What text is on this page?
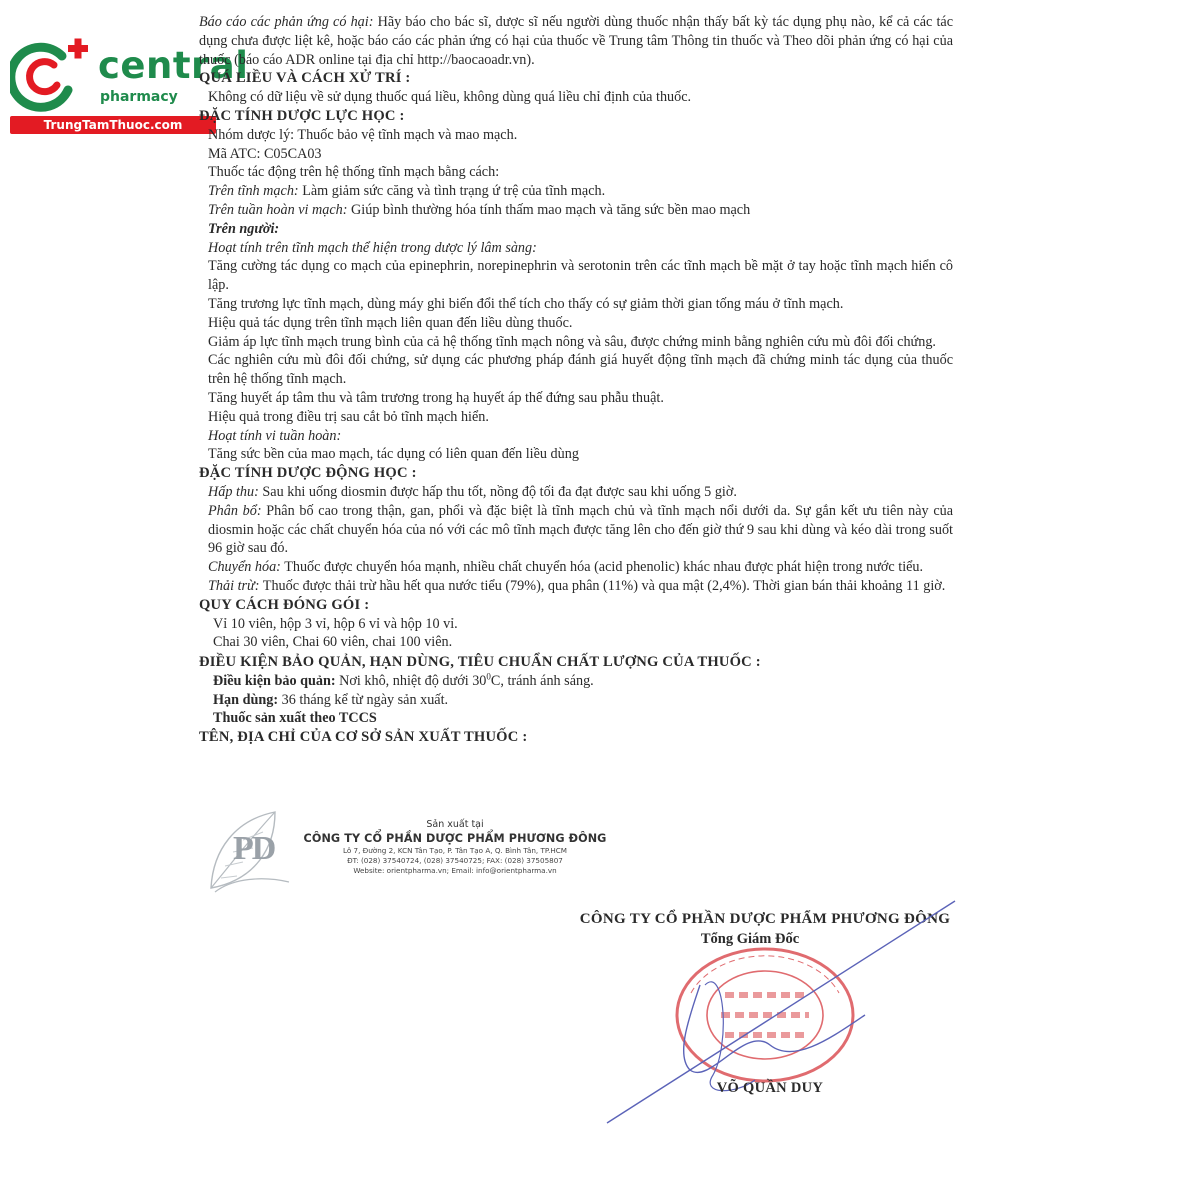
central
pharmacy
TrungTamThuoc.com

Báo cáo các phản ứng có hại: Hãy báo cho bác sĩ, dược sĩ nếu người dùng thuốc nhận thấy bất kỳ tác dụng phụ nào, kể cả các tác dụng chưa được liệt kê, hoặc báo cáo các phản ứng có hại của thuốc về Trung tâm Thông tin thuốc và Theo dõi phản ứng có hại của thuốc (báo cáo ADR online tại địa chỉ http://baocaoadr.vn).

QUÁ LIỀU VÀ CÁCH XỬ TRÍ :

Không có dữ liệu về sử dụng thuốc quá liều, không dùng quá liều chỉ định của thuốc.

ĐẶC TÍNH DƯỢC LỰC HỌC :

Nhóm dược lý: Thuốc bảo vệ tĩnh mạch và mao mạch.

Mã ATC: C05CA03

Thuốc tác động trên hệ thống tĩnh mạch bằng cách:

Trên tĩnh mạch: Làm giảm sức căng và tình trạng ứ trệ của tĩnh mạch.

Trên tuần hoàn vi mạch: Giúp bình thường hóa tính thấm mao mạch và tăng sức bền mao mạch

Trên người:

Hoạt tính trên tĩnh mạch thể hiện trong dược lý lâm sàng:

Tăng cường tác dụng co mạch của epinephrin, norepinephrin và serotonin trên các tĩnh mạch bề mặt ở tay hoặc tĩnh mạch hiển cô lập.

Tăng trương lực tĩnh mạch, dùng máy ghi biến đổi thể tích cho thấy có sự giảm thời gian tống máu ở tĩnh mạch.

Hiệu quả tác dụng trên tĩnh mạch liên quan đến liều dùng thuốc.

Giảm áp lực tĩnh mạch trung bình của cả hệ thống tĩnh mạch nông và sâu, được chứng minh bằng nghiên cứu mù đôi đối chứng.

Các nghiên cứu mù đôi đối chứng, sử dụng các phương pháp đánh giá huyết động tĩnh mạch đã chứng minh tác dụng của thuốc trên hệ thống tĩnh mạch.

Tăng huyết áp tâm thu và tâm trương trong hạ huyết áp thế đứng sau phẫu thuật.

Hiệu quả trong điều trị sau cắt bỏ tĩnh mạch hiển.

Hoạt tính vi tuần hoàn:

Tăng sức bền của mao mạch, tác dụng có liên quan đến liều dùng

ĐẶC TÍNH DƯỢC ĐỘNG HỌC :

Hấp thu: Sau khi uống diosmin được hấp thu tốt, nồng độ tối đa đạt được sau khi uống 5 giờ.

Phân bổ: Phân bố cao trong thận, gan, phổi và đặc biệt là tĩnh mạch chủ và tĩnh mạch nổi dưới da. Sự gắn kết ưu tiên này của diosmin hoặc các chất chuyển hóa của nó với các mô tĩnh mạch được tăng lên cho đến giờ thứ 9 sau khi dùng và kéo dài trong suốt 96 giờ sau đó.

Chuyển hóa: Thuốc được chuyển hóa mạnh, nhiều chất chuyển hóa (acid phenolic) khác nhau được phát hiện trong nước tiểu.

Thải trừ: Thuốc được thải trừ hầu hết qua nước tiểu (79%), qua phân (11%) và qua mật (2,4%). Thời gian bán thải khoảng 11 giờ.

QUY CÁCH ĐÓNG GÓI :

Vỉ 10 viên, hộp 3 vỉ, hộp 6 vỉ và hộp 10 vỉ.

Chai 30 viên, Chai 60 viên, chai 100 viên.

ĐIỀU KIỆN BẢO QUẢN, HẠN DÙNG, TIÊU CHUẨN CHẤT LƯỢNG CỦA THUỐC :

Điều kiện bảo quản: Nơi khô, nhiệt độ dưới $30^0C$, tránh ánh sáng.

Hạn dùng: 36 tháng kể từ ngày sản xuất.

Thuốc sản xuất theo TCCS

TÊN, ĐỊA CHỈ CỦA CƠ SỞ SẢN XUẤT THUỐC :

PD
Sản xuất tại
CÔNG TY CỔ PHẦN DƯỢC PHẨM PHƯƠNG ĐÔNG
Lô 7, Đường 2, KCN Tân Tạo, P. Tân Tạo A, Q. Bình Tân, TP.HCM
ĐT: (028) 37540724, (028) 37540725; FAX: (028) 37505807
Website: orientpharma.vn; Email: info@orientpharma.vn
CÔNG TY CỔ PHẦN DƯỢC PHẨM PHƯƠNG ĐÔNG
Tổng Giám Đốc
VÕ QUẦN DUY
